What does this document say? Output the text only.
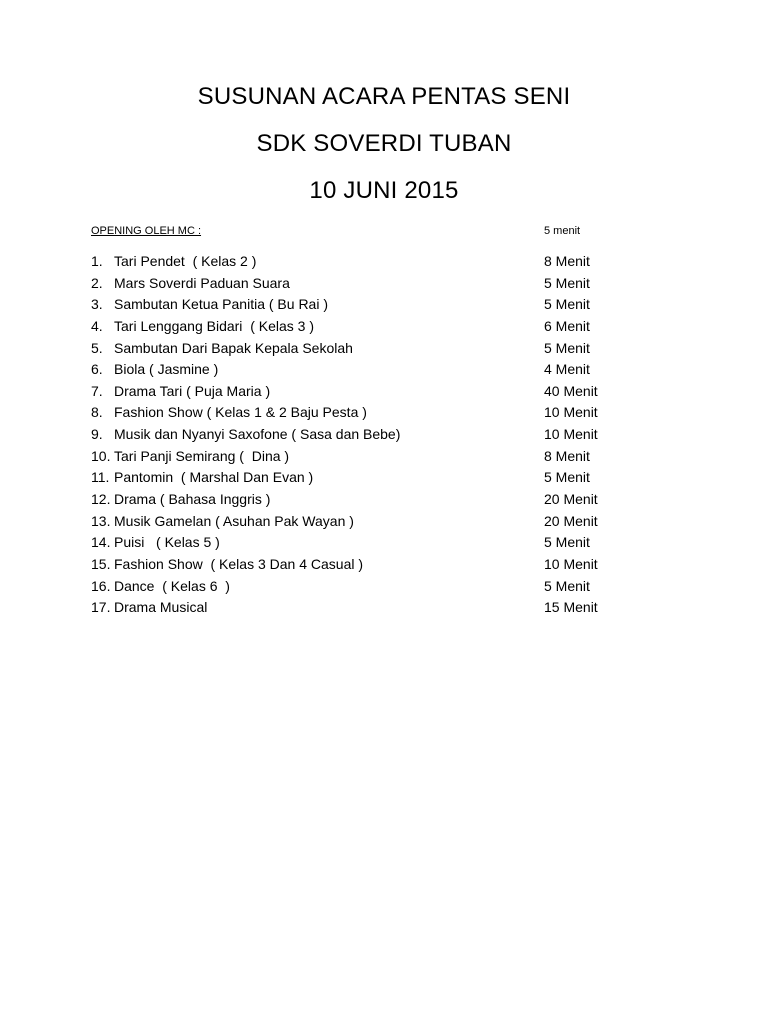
SUSUNAN ACARA PENTAS SENI
SDK SOVERDI TUBAN
10 JUNI 2015
OPENING OLEH MC :	5 menit
1. Tari Pendet  ( Kelas 2 )	8 Menit
2. Mars Soverdi Paduan Suara	5 Menit
3. Sambutan Ketua Panitia ( Bu Rai )	5 Menit
4. Tari Lenggang Bidari  ( Kelas 3 )	6 Menit
5. Sambutan Dari Bapak Kepala Sekolah	5 Menit
6. Biola ( Jasmine )	4 Menit
7. Drama Tari ( Puja Maria )	40 Menit
8. Fashion Show ( Kelas 1 & 2 Baju Pesta )	10 Menit
9. Musik dan Nyanyi Saxofone ( Sasa dan Bebe)	10 Menit
10. Tari Panji Semirang (  Dina )	8 Menit
11. Pantomin  ( Marshal Dan Evan )	5 Menit
12. Drama ( Bahasa Inggris )	20 Menit
13. Musik Gamelan ( Asuhan Pak Wayan )	20 Menit
14. Puisi   ( Kelas 5 )	5 Menit
15. Fashion Show  ( Kelas 3 Dan 4 Casual )	10 Menit
16. Dance  ( Kelas 6  )	5 Menit
17. Drama Musical	15 Menit
